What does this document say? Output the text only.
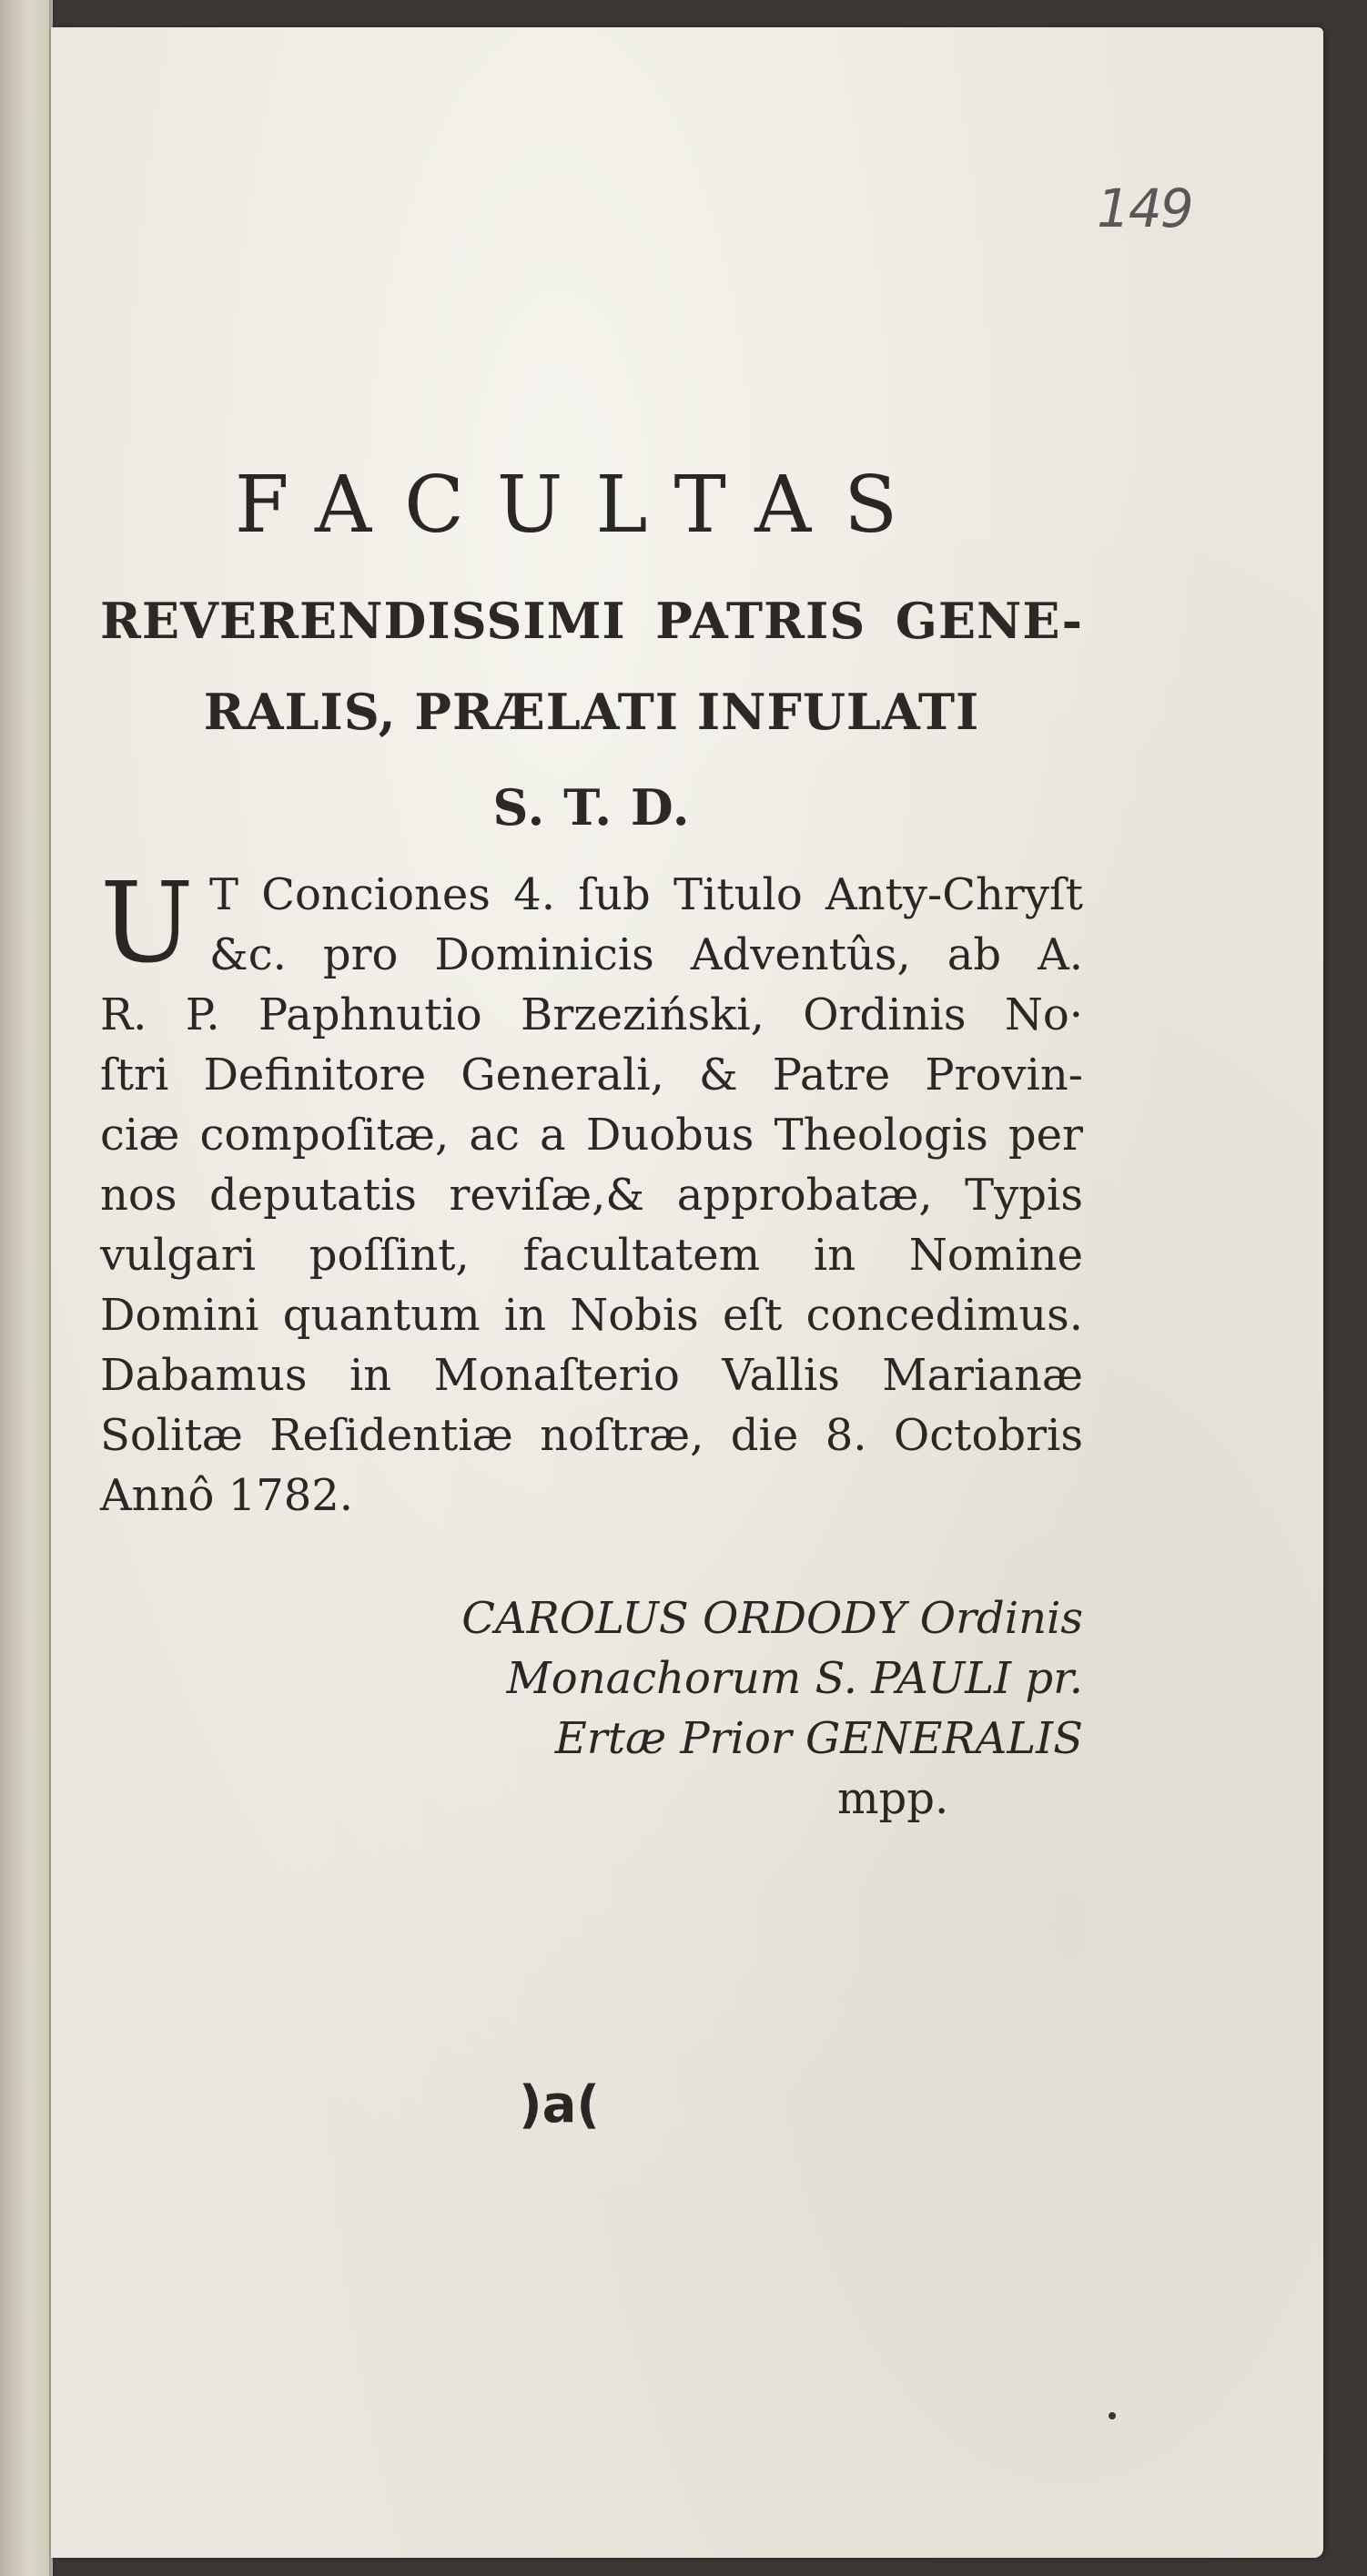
149
FACULTAS
REVERENDISSIMI PATRIS GENE-
RALIS, PRÆLATI INFULATI
S. T. D.
U T Conciones 4. ſub Titulo Anty-Chryſt
&c. pro Dominicis Adventûs, ab A.
R. P. Paphnutio Brzeziński, Ordinis No·
ſtri Definitore Generali, & Patre Provin-
ciæ compoſitæ, ac a Duobus Theologis per
nos deputatis reviſæ,& approbatæ, Typis
vulgari poſſint, facultatem in Nomine
Domini quantum in Nobis eſt concedimus.
Dabamus in Monaſterio Vallis Marianæ
Solitæ Reſidentiæ noſtræ, die 8. Octobris
Annô 1782.
CAROLUS ORDODY Ordinis
Monachorum S. PAULI pr.
Ertæ Prior GENERALIS
mpp.
)a(
